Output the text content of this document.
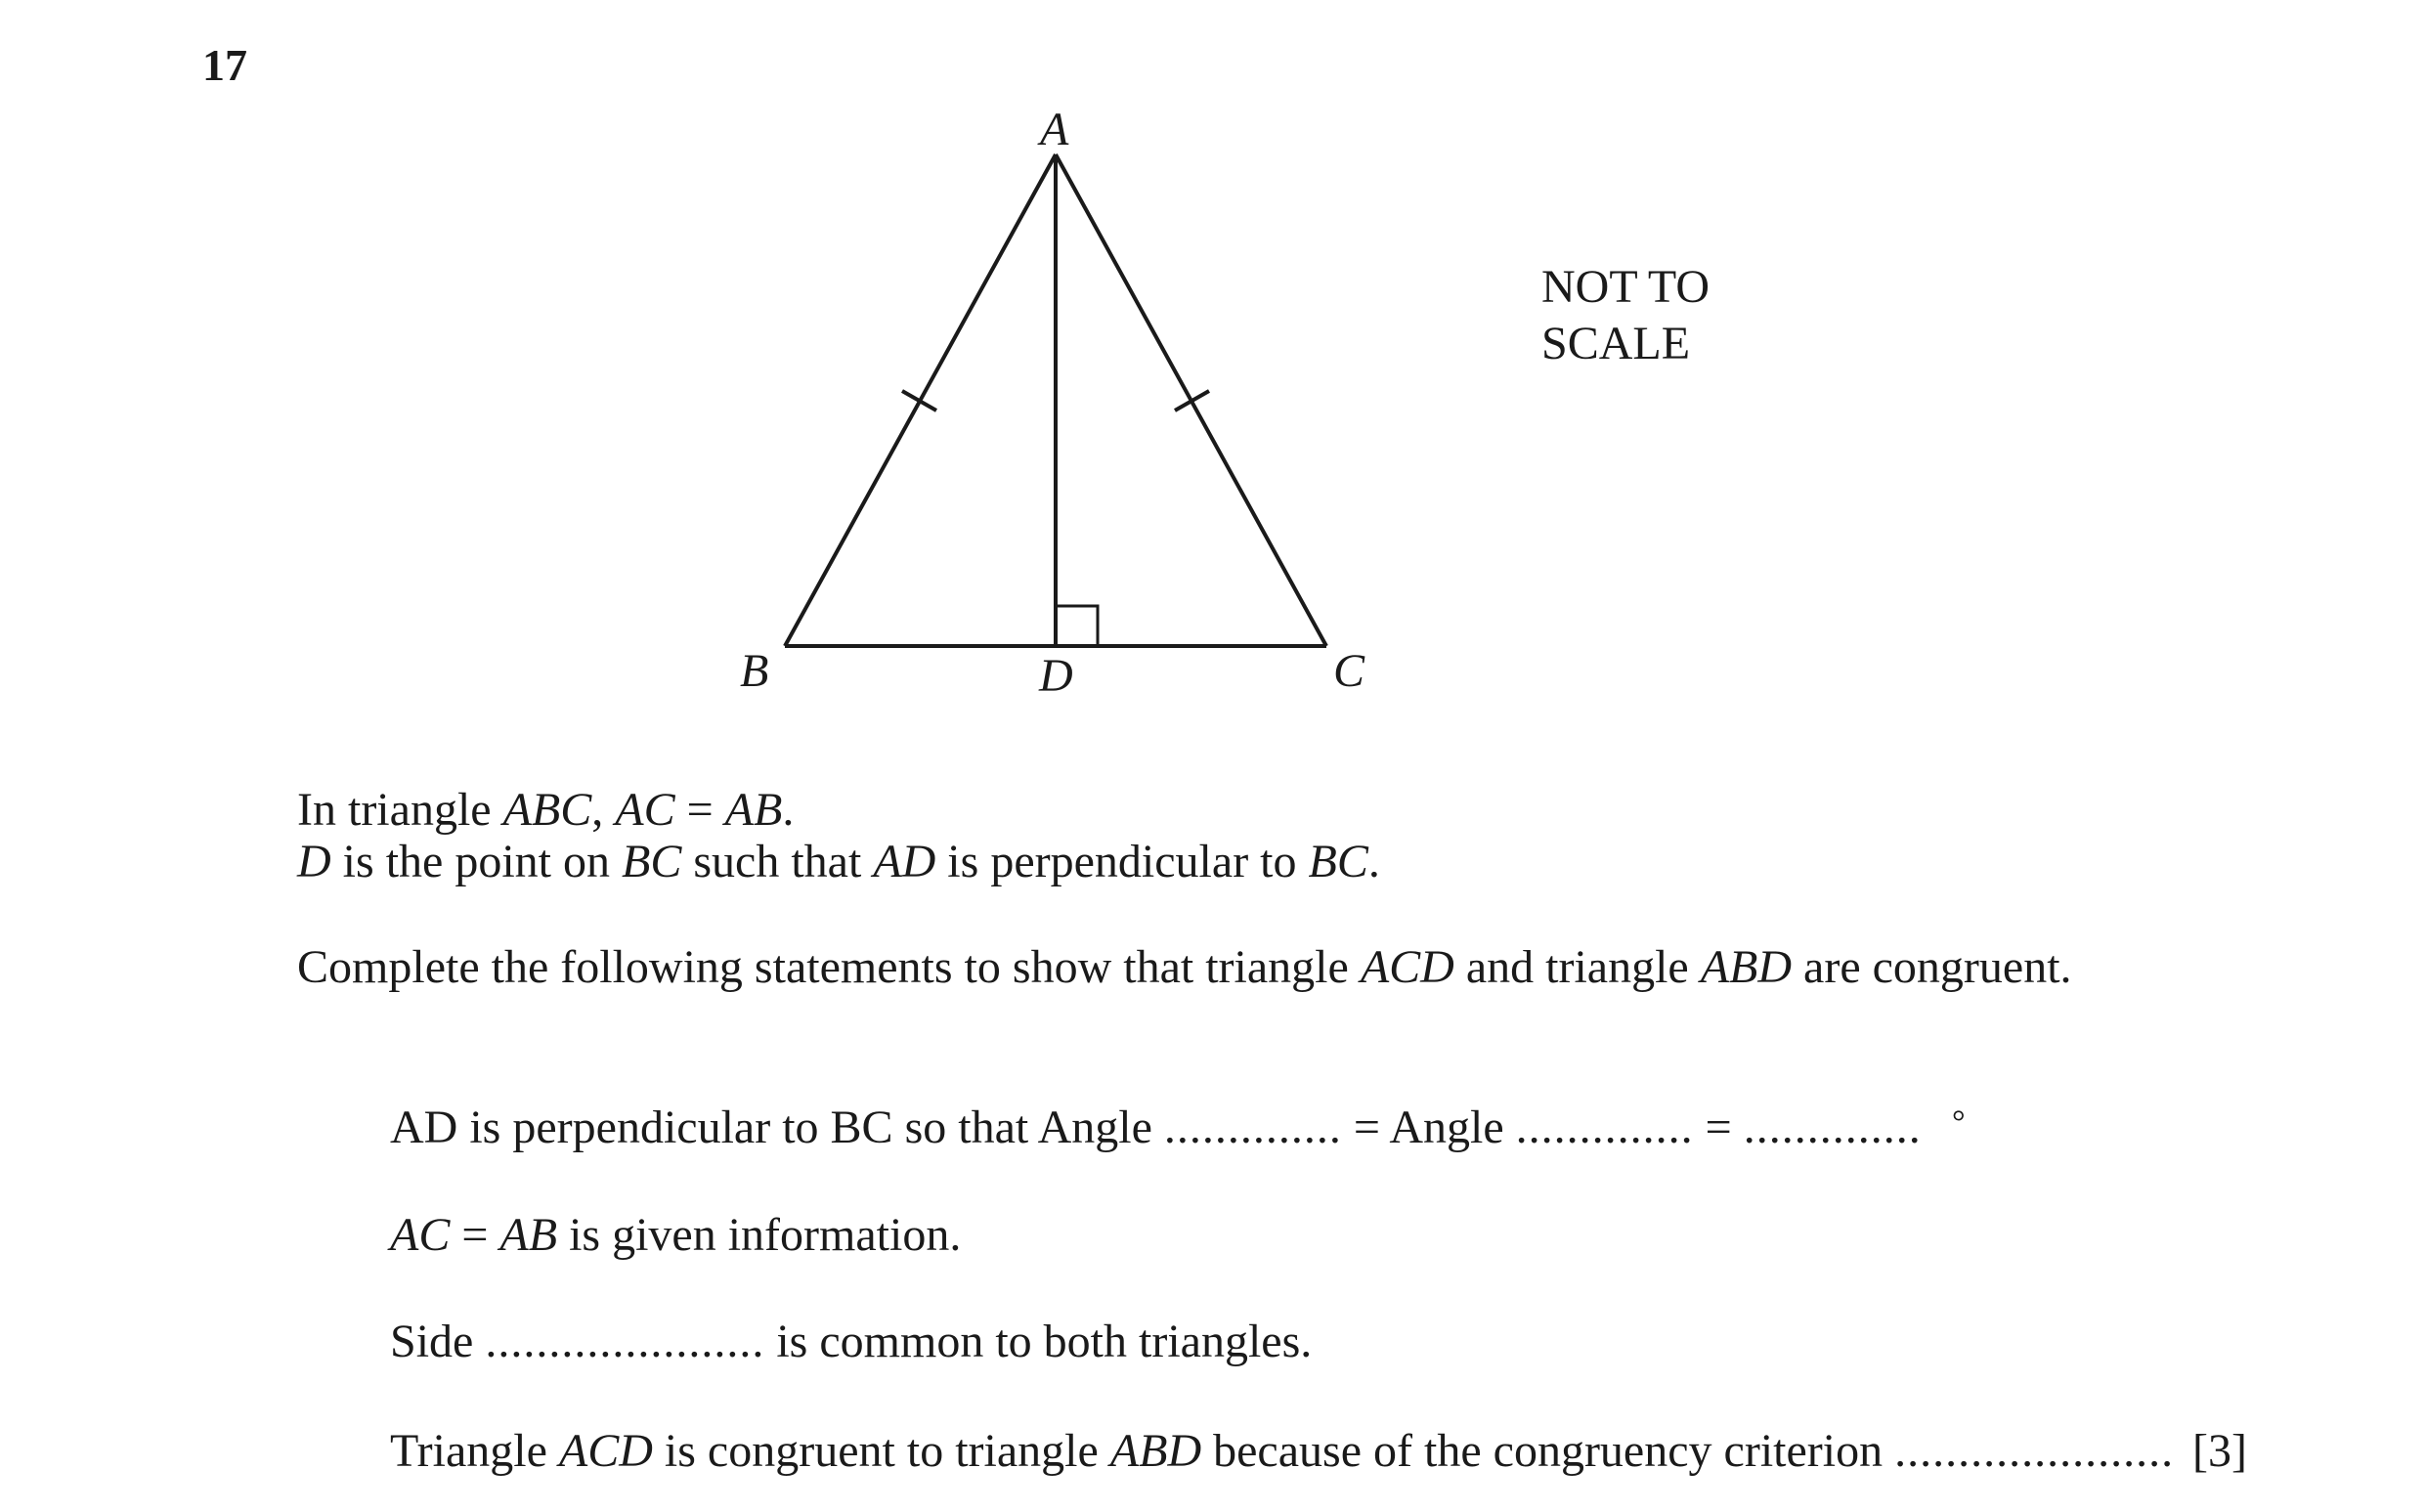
17
A
B	C
D
NOT TO
SCALE
In triangle ABC, AC = AB.
D is the point on BC such that AD is perpendicular to BC.
Complete the following statements to show that triangle ACD and triangle ABD are congruent.
AD is perpendicular to BC so that Angle .............. = Angle .............. = .............. °
AC = AB is given information.
Side ...................... is common to both triangles.
Triangle ACD is congruent to triangle ABD because of the congruency criterion ...................... [3]
